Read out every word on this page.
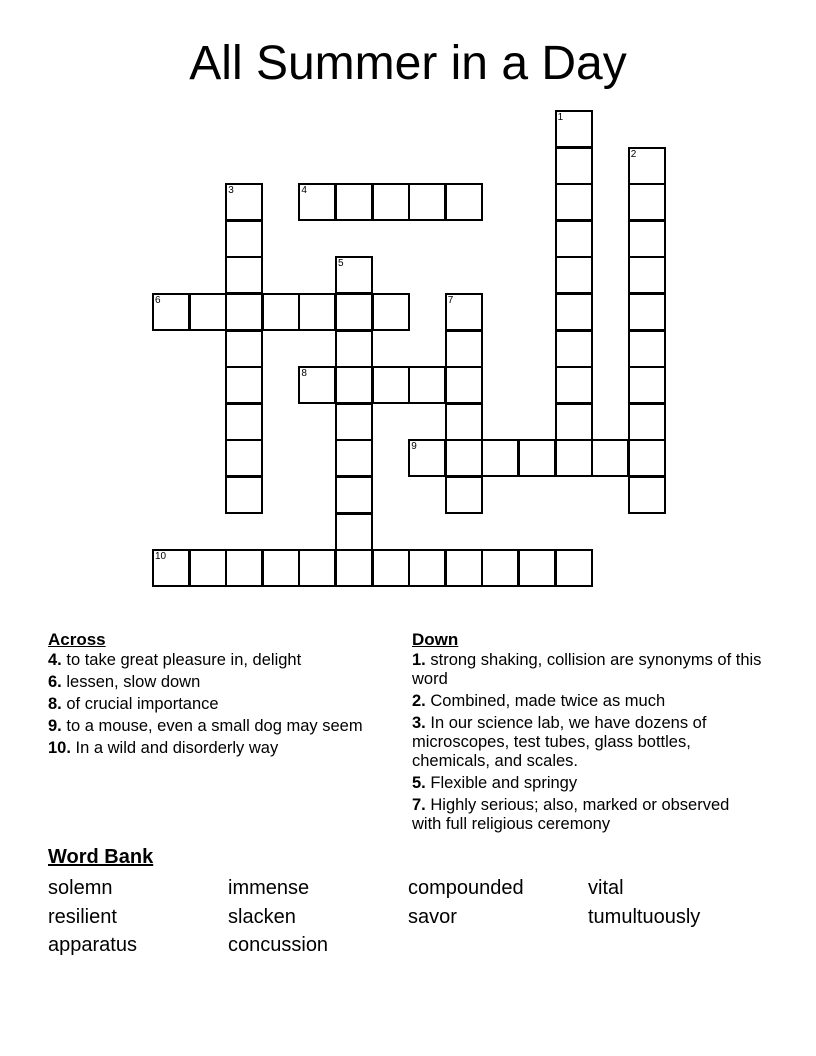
All Summer in a Day
1
2
3	4
5
6	7
8
9
10
Across
4. to take great pleasure in, delight
6. lessen, slow down
8. of crucial importance
9. to a mouse, even a small dog may seem
10. In a wild and disorderly way
Down
1. strong shaking, collision are synonyms of this word
2. Combined, made twice as much
3. In our science lab, we have dozens of microscopes, test tubes, glass bottles, chemicals, and scales.
5. Flexible and springy
7. Highly serious; also, marked or observed with full religious ceremony
Word Bank
solemn	immense	compounded	vital
resilient	slacken	savor	tumultuously
apparatus	concussion
